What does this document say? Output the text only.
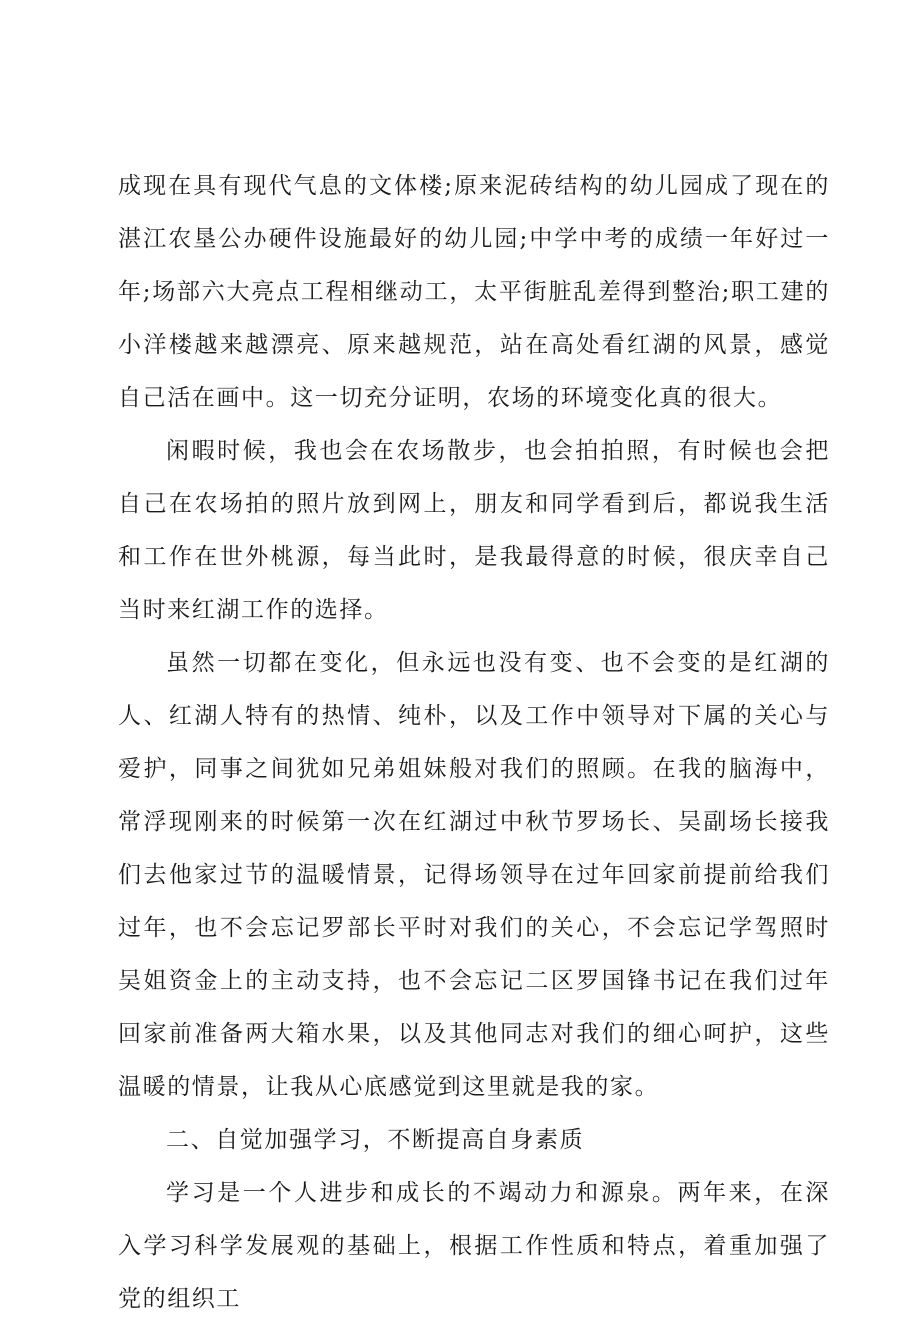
成现在具有现代气息的文体楼;原来泥砖结构的幼儿园成了现在的湛江农垦公办硬件设施最好的幼儿园;中学中考的成绩一年好过一年;场部六大亮点工程相继动工，太平街脏乱差得到整治;职工建的小洋楼越来越漂亮、原来越规范，站在高处看红湖的风景，感觉自己活在画中。这一切充分证明，农场的环境变化真的很大。

闲暇时候，我也会在农场散步，也会拍拍照，有时候也会把自己在农场拍的照片放到网上，朋友和同学看到后，都说我生活和工作在世外桃源，每当此时，是我最得意的时候，很庆幸自己当时来红湖工作的选择。

虽然一切都在变化，但永远也没有变、也不会变的是红湖的人、红湖人特有的热情、纯朴，以及工作中领导对下属的关心与爱护，同事之间犹如兄弟姐妹般对我们的照顾。在我的脑海中，常浮现刚来的时候第一次在红湖过中秋节罗场长、吴副场长接我们去他家过节的温暖情景，记得场领导在过年回家前提前给我们过年，也不会忘记罗部长平时对我们的关心，不会忘记学驾照时吴姐资金上的主动支持，也不会忘记二区罗国锋书记在我们过年回家前准备两大箱水果，以及其他同志对我们的细心呵护，这些温暖的情景，让我从心底感觉到这里就是我的家。

二、自觉加强学习，不断提高自身素质

学习是一个人进步和成长的不竭动力和源泉。两年来，在深入学习科学发展观的基础上，根据工作性质和特点，着重加强了党的组织工
